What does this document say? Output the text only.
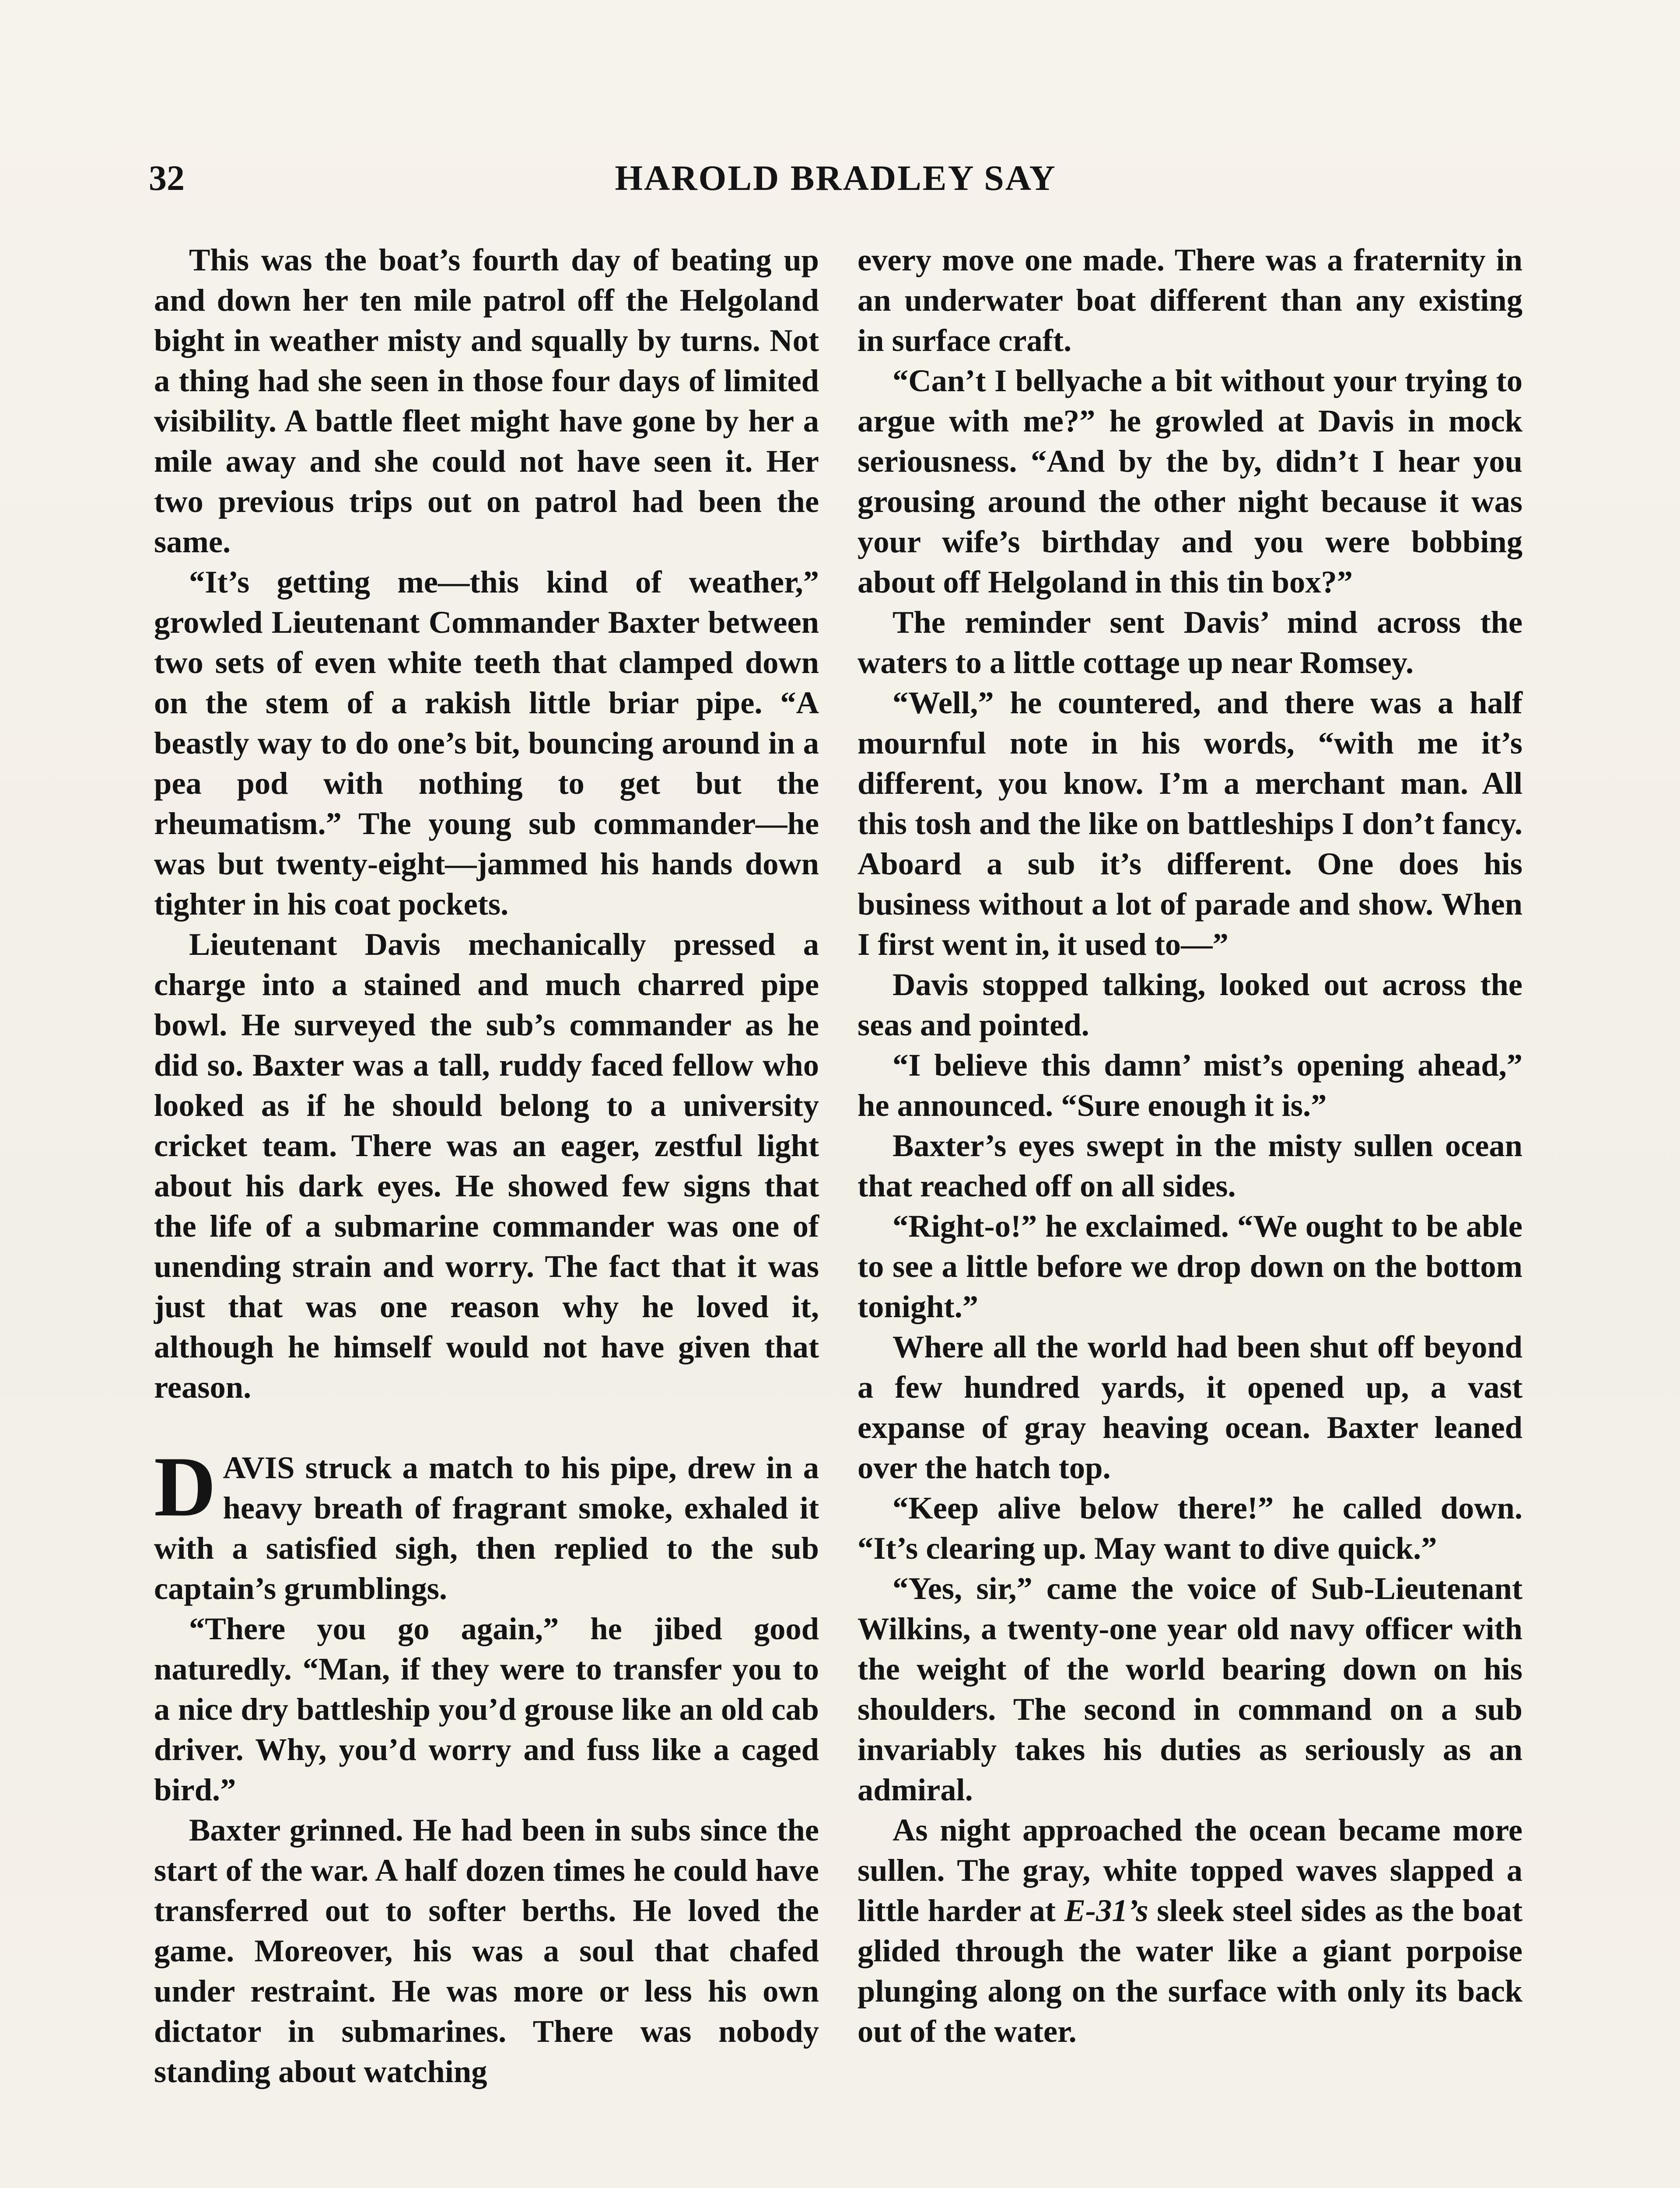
32	HAROLD BRADLEY SAY

This was the boat’s fourth day of beating up and down her ten mile patrol off the Helgoland bight in weather misty and squally by turns. Not a thing had she seen in those four days of limited visibility. A battle fleet might have gone by her a mile away and she could not have seen it. Her two previous trips out on patrol had been the same.

“It’s getting me—this kind of weather,” growled Lieutenant Commander Baxter between two sets of even white teeth that clamped down on the stem of a rakish little briar pipe. “A beastly way to do one’s bit, bouncing around in a pea pod with nothing to get but the rheumatism.” The young sub commander—he was but twenty-eight—jammed his hands down tighter in his coat pockets.

Lieutenant Davis mechanically pressed a charge into a stained and much charred pipe bowl. He surveyed the sub’s commander as he did so. Baxter was a tall, ruddy faced fellow who looked as if he should belong to a university cricket team. There was an eager, zestful light about his dark eyes. He showed few signs that the life of a submarine commander was one of unending strain and worry. The fact that it was just that was one reason why he loved it, although he himself would not have given that reason.

DAVIS struck a match to his pipe, drew in a heavy breath of fragrant smoke, exhaled it with a satisfied sigh, then replied to the sub captain’s grumblings.

“There you go again,” he jibed good naturedly. “Man, if they were to transfer you to a nice dry battleship you’d grouse like an old cab driver. Why, you’d worry and fuss like a caged bird.”

Baxter grinned. He had been in subs since the start of the war. A half dozen times he could have transferred out to softer berths. He loved the game. Moreover, his was a soul that chafed under restraint. He was more or less his own dictator in submarines. There was nobody standing about watching

every move one made. There was a fraternity in an underwater boat different than any existing in surface craft.

“Can’t I bellyache a bit without your trying to argue with me?” he growled at Davis in mock seriousness. “And by the by, didn’t I hear you grousing around the other night because it was your wife’s birthday and you were bobbing about off Helgoland in this tin box?”

The reminder sent Davis’ mind across the waters to a little cottage up near Romsey.

“Well,” he countered, and there was a half mournful note in his words, “with me it’s different, you know. I’m a merchant man. All this tosh and the like on battleships I don’t fancy. Aboard a sub it’s different. One does his business without a lot of parade and show. When I first went in, it used to—”

Davis stopped talking, looked out across the seas and pointed.

“I believe this damn’ mist’s opening ahead,” he announced. “Sure enough it is.”

Baxter’s eyes swept in the misty sullen ocean that reached off on all sides.

“Right-o!” he exclaimed. “We ought to be able to see a little before we drop down on the bottom tonight.”

Where all the world had been shut off beyond a few hundred yards, it opened up, a vast expanse of gray heaving ocean. Baxter leaned over the hatch top.

“Keep alive below there!” he called down. “It’s clearing up. May want to dive quick.”

“Yes, sir,” came the voice of Sub-Lieutenant Wilkins, a twenty-one year old navy officer with the weight of the world bearing down on his shoulders. The second in command on a sub invariably takes his duties as seriously as an admiral.

As night approached the ocean became more sullen. The gray, white topped waves slapped a little harder at E-31’s sleek steel sides as the boat glided through the water like a giant porpoise plunging along on the surface with only its back out of the water.
